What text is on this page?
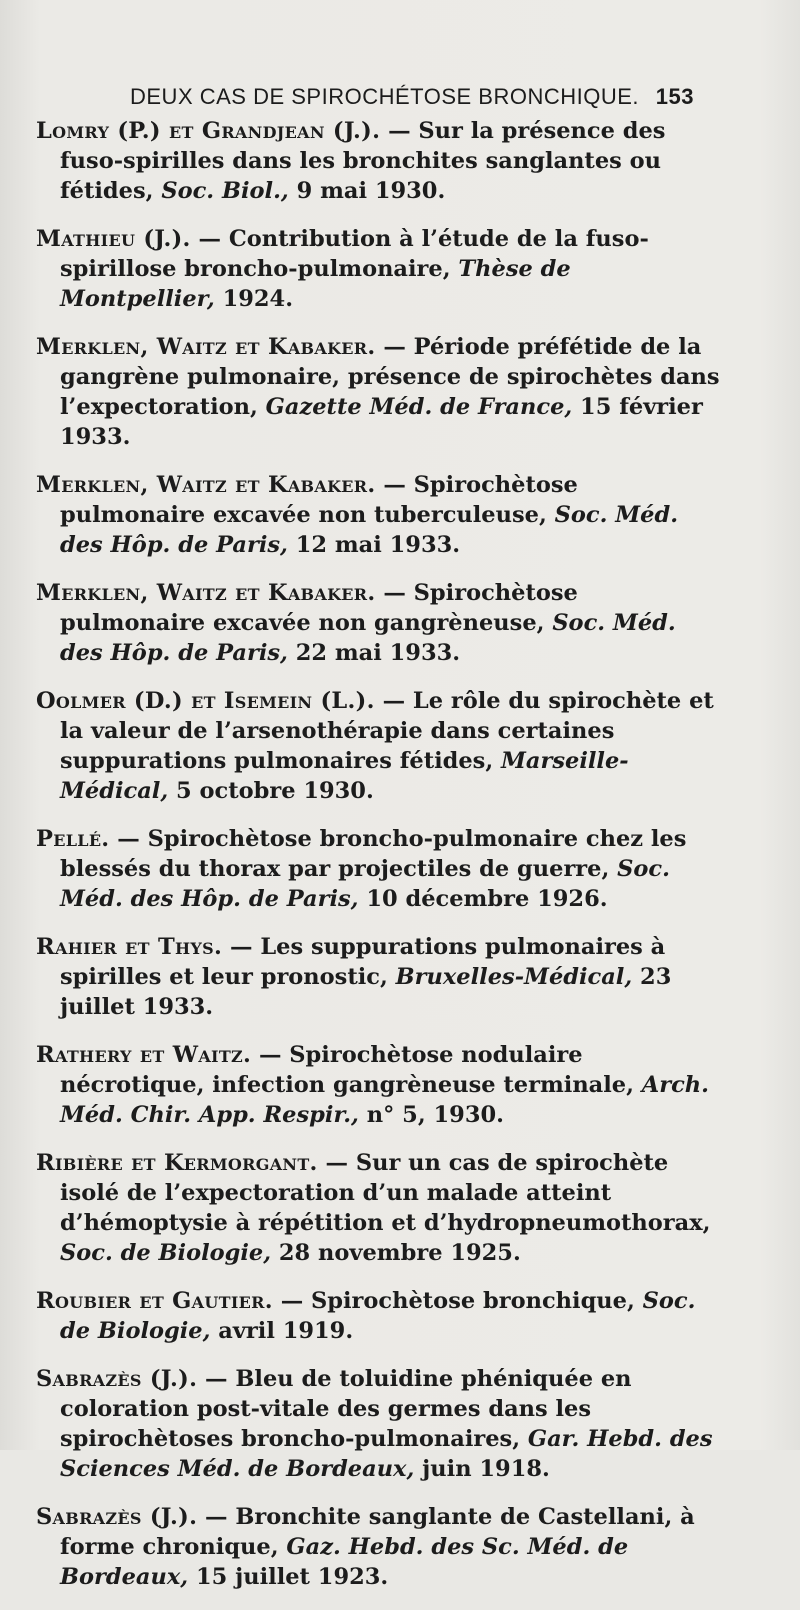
DEUX CAS DE SPIROCHÉTOSE BRONCHIQUE. 153

Lomry (P.) et Grandjean (J.). — Sur la présence des fuso-spirilles dans les bronchites sanglantes ou fétides, Soc. Biol., 9 mai 1930.

Mathieu (J.). — Contribution à l’étude de la fuso-spirillose broncho-pulmonaire, Thèse de Montpellier, 1924.

Merklen, Waitz et Kabaker. — Période préfétide de la gangrène pulmonaire, présence de spirochètes dans l’expectoration, Gazette Méd. de France, 15 février 1933.

Merklen, Waitz et Kabaker. — Spirochètose pulmonaire excavée non tuberculeuse, Soc. Méd. des Hôp. de Paris, 12 mai 1933.

Merklen, Waitz et Kabaker. — Spirochètose pulmonaire excavée non gangrèneuse, Soc. Méd. des Hôp. de Paris, 22 mai 1933.

Oolmer (D.) et Isemein (L.). — Le rôle du spirochète et la valeur de l’arsenothérapie dans certaines suppurations pulmonaires fétides, Marseille-Médical, 5 octobre 1930.

Pellé. — Spirochètose broncho-pulmonaire chez les blessés du thorax par projectiles de guerre, Soc. Méd. des Hôp. de Paris, 10 décembre 1926.

Rahier et Thys. — Les suppurations pulmonaires à spirilles et leur pronostic, Bruxelles-Médical, 23 juillet 1933.

Rathery et Waitz. — Spirochètose nodulaire nécrotique, infection gangrèneuse terminale, Arch. Méd. Chir. App. Respir., n° 5, 1930.

Ribière et Kermorgant. — Sur un cas de spirochète isolé de l’expectoration d’un malade atteint d’hémoptysie à répétition et d’hydropneumothorax, Soc. de Biologie, 28 novembre 1925.

Roubier et Gautier. — Spirochètose bronchique, Soc. de Biologie, avril 1919.

Sabrazès (J.). — Bleu de toluidine phéniquée en coloration post-vitale des germes dans les spirochètoses broncho-pulmonaires, Gar. Hebd. des Sciences Méd. de Bordeaux, juin 1918.

Sabrazès (J.). — Bronchite sanglante de Castellani, à forme chronique, Gaz. Hebd. des Sc. Méd. de Bordeaux, 15 juillet 1923.
